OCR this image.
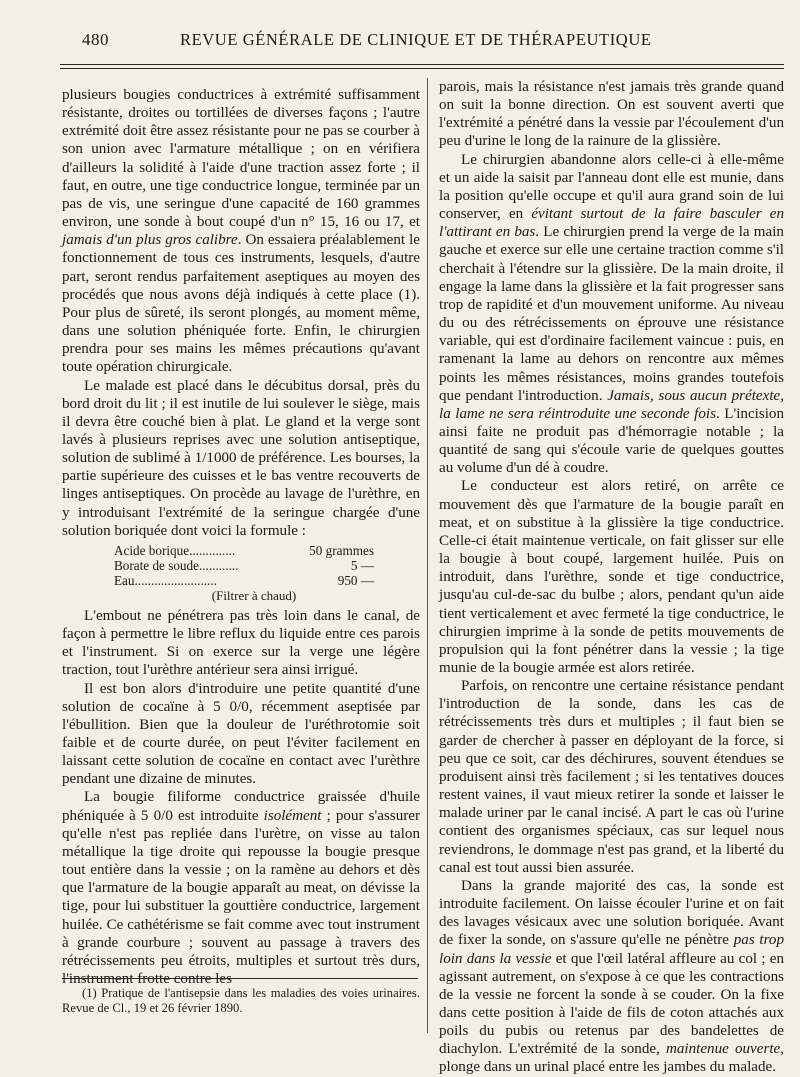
480	REVUE GÉNÉRALE DE CLINIQUE ET DE THÉRAPEUTIQUE

plusieurs bougies conductrices à extrémité suffisamment résistante, droites ou tortillées de diverses façons ; l'autre extrémité doit être assez résistante pour ne pas se courber à son union avec l'armature métallique ; on en vérifiera d'ailleurs la solidité à l'aide d'une traction assez forte ; il faut, en outre, une tige conductrice longue, terminée par un pas de vis, une seringue d'une capacité de 160 grammes environ, une sonde à bout coupé d'un n° 15, 16 ou 17, et jamais d'un plus gros calibre. On essaiera préalablement le fonctionnement de tous ces instruments, lesquels, d'autre part, seront rendus parfaitement aseptiques au moyen des procédés que nous avons déjà indiqués à cette place (1). Pour plus de sûreté, ils seront plongés, au moment même, dans une solution phéniquée forte. Enfin, le chirurgien prendra pour ses mains les mêmes précautions qu'avant toute opération chirurgicale.

Le malade est placé dans le décubitus dorsal, près du bord droit du lit ; il est inutile de lui soulever le siège, mais il devra être couché bien à plat. Le gland et la verge sont lavés à plusieurs reprises avec une solution antiseptique, solution de sublimé à 1/1000 de préférence. Les bourses, la partie supérieure des cuisses et le bas ventre recouverts de linges antiseptiques. On procède au lavage de l'urèthre, en y introduisant l'extrémité de la seringue chargée d'une solution boriquée dont voici la formule :

Acide borique..............	50 grammes
Borate de soude............	5 —
Eau.........................	950 —
(Filtrer à chaud)

L'embout ne pénétrera pas très loin dans le canal, de façon à permettre le libre reflux du liquide entre ces parois et l'instrument. Si on exerce sur la verge une légère traction, tout l'urèthre antérieur sera ainsi irrigué.

Il est bon alors d'introduire une petite quantité d'une solution de cocaïne à 5 0/0, récemment aseptisée par l'ébullition. Bien que la douleur de l'uréthrotomie soit faible et de courte durée, on peut l'éviter facilement en laissant cette solution de cocaïne en contact avec l'urèthre pendant une dizaine de minutes.

La bougie filiforme conductrice graissée d'huile phéniquée à 5 0/0 est introduite isolément ; pour s'assurer qu'elle n'est pas repliée dans l'urètre, on visse au talon métallique la tige droite qui repousse la bougie presque tout entière dans la vessie ; on la ramène au dehors et dès que l'armature de la bougie apparaît au meat, on dévisse la tige, pour lui substituer la gouttière conductrice, largement huilée. Ce cathétérisme se fait comme avec tout instrument à grande courbure ; souvent au passage à travers des rétrécissements peu étroits, multiples et surtout très durs, l'instrument frotte contre les

(1) Pratique de l'antisepsie dans les maladies des voies urinaires. Revue de Cl., 19 et 26 février 1890.

parois, mais la résistance n'est jamais très grande quand on suit la bonne direction. On est souvent averti que l'extrémité a pénétré dans la vessie par l'écoulement d'un peu d'urine le long de la rainure de la glissière.

Le chirurgien abandonne alors celle-ci à elle-même et un aide la saisit par l'anneau dont elle est munie, dans la position qu'elle occupe et qu'il aura grand soin de lui conserver, en évitant surtout de la faire basculer en l'attirant en bas. Le chirurgien prend la verge de la main gauche et exerce sur elle une certaine traction comme s'il cherchait à l'étendre sur la glissière. De la main droite, il engage la lame dans la glissière et la fait progresser sans trop de rapidité et d'un mouvement uniforme. Au niveau du ou des rétrécissements on éprouve une résistance variable, qui est d'ordinaire facilement vaincue : puis, en ramenant la lame au dehors on rencontre aux mêmes points les mêmes résistances, moins grandes toutefois que pendant l'introduction. Jamais, sous aucun prétexte, la lame ne sera réintroduite une seconde fois. L'incision ainsi faite ne produit pas d'hémorragie notable ; la quantité de sang qui s'écoule varie de quelques gouttes au volume d'un dé à coudre.

Le conducteur est alors retiré, on arrête ce mouvement dès que l'armature de la bougie paraît en meat, et on substitue à la glissière la tige conductrice. Celle-ci était maintenue verticale, on fait glisser sur elle la bougie à bout coupé, largement huilée. Puis on introduit, dans l'urèthre, sonde et tige conductrice, jusqu'au cul-de-sac du bulbe ; alors, pendant qu'un aide tient verticalement et avec fermeté la tige conductrice, le chirurgien imprime à la sonde de petits mouvements de propulsion qui la font pénétrer dans la vessie ; la tige munie de la bougie armée est alors retirée.

Parfois, on rencontre une certaine résistance pendant l'introduction de la sonde, dans les cas de rétrécissements très durs et multiples ; il faut bien se garder de chercher à passer en déployant de la force, si peu que ce soit, car des déchirures, souvent étendues se produisent ainsi très facilement ; si les tentatives douces restent vaines, il vaut mieux retirer la sonde et laisser le malade uriner par le canal incisé. A part le cas où l'urine contient des organismes spéciaux, cas sur lequel nous reviendrons, le dommage n'est pas grand, et la liberté du canal est tout aussi bien assurée.

Dans la grande majorité des cas, la sonde est introduite facilement. On laisse écouler l'urine et on fait des lavages vésicaux avec une solution boriquée. Avant de fixer la sonde, on s'assure qu'elle ne pénètre pas trop loin dans la vessie et que l'œil latéral affleure au col ; en agissant autrement, on s'expose à ce que les contractions de la vessie ne forcent la sonde à se couder. On la fixe dans cette position à l'aide de fils de coton attachés aux poils du pubis ou retenus par des bandelettes de diachylon. L'extrémité de la sonde, maintenue ouverte, plonge dans un urinal placé entre les jambes du malade.
